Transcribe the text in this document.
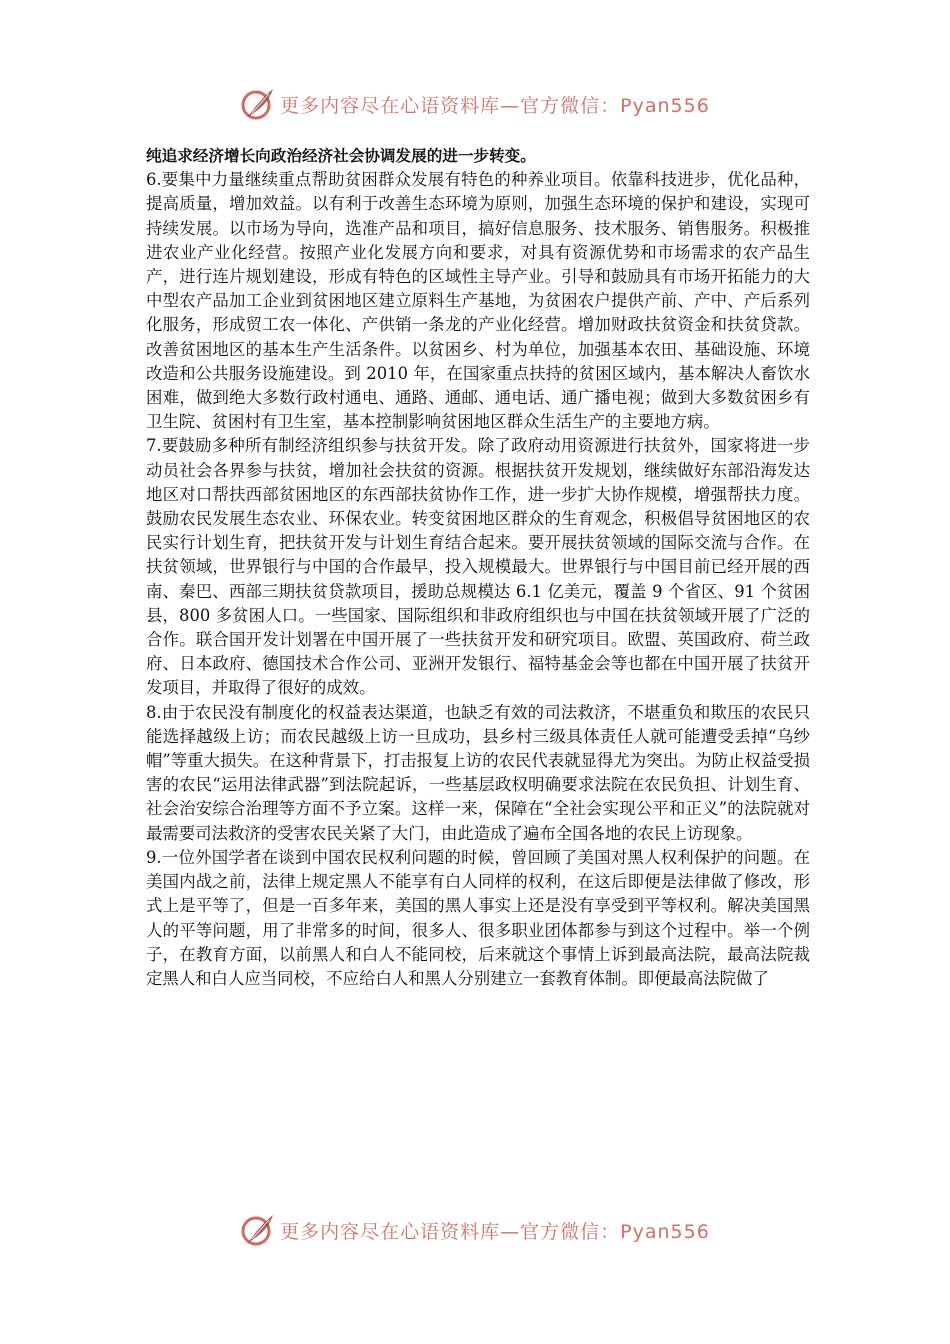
更多内容尽在心语资料库—官方微信：Pyan556

纯追求经济增长向政治经济社会协调发展的进一步转变。

6.要集中力量继续重点帮助贫困群众发展有特色的种养业项目。依靠科技进步，优化品种，提高质量，增加效益。以有利于改善生态环境为原则，加强生态环境的保护和建设，实现可持续发展。以市场为导向，选准产品和项目，搞好信息服务、技术服务、销售服务。积极推进农业产业化经营。按照产业化发展方向和要求，对具有资源优势和市场需求的农产品生产，进行连片规划建设，形成有特色的区域性主导产业。引导和鼓励具有市场开拓能力的大中型农产品加工企业到贫困地区建立原料生产基地，为贫困农户提供产前、产中、产后系列化服务，形成贸工农一体化、产供销一条龙的产业化经营。增加财政扶贫资金和扶贫贷款。改善贫困地区的基本生产生活条件。以贫困乡、村为单位，加强基本农田、基础设施、环境改造和公共服务设施建设。到 2010 年，在国家重点扶持的贫困区域内，基本解决人畜饮水困难，做到绝大多数行政村通电、通路、通邮、通电话、通广播电视；做到大多数贫困乡有卫生院、贫困村有卫生室，基本控制影响贫困地区群众生活生产的主要地方病。

7.要鼓励多种所有制经济组织参与扶贫开发。除了政府动用资源进行扶贫外，国家将进一步动员社会各界参与扶贫，增加社会扶贫的资源。根据扶贫开发规划，继续做好东部沿海发达地区对口帮扶西部贫困地区的东西部扶贫协作工作，进一步扩大协作规模，增强帮扶力度。鼓励农民发展生态农业、环保农业。转变贫困地区群众的生育观念，积极倡导贫困地区的农民实行计划生育，把扶贫开发与计划生育结合起来。要开展扶贫领域的国际交流与合作。在扶贫领域，世界银行与中国的合作最早，投入规模最大。世界银行与中国目前已经开展的西南、秦巴、西部三期扶贫贷款项目，援助总规模达 6.1 亿美元，覆盖 9 个省区、91 个贫困县，800 多贫困人口。一些国家、国际组织和非政府组织也与中国在扶贫领域开展了广泛的合作。联合国开发计划署在中国开展了一些扶贫开发和研究项目。欧盟、英国政府、荷兰政府、日本政府、德国技术合作公司、亚洲开发银行、福特基金会等也都在中国开展了扶贫开发项目，并取得了很好的成效。

8.由于农民没有制度化的权益表达渠道，也缺乏有效的司法救济，不堪重负和欺压的农民只能选择越级上访；而农民越级上访一旦成功，县乡村三级具体责任人就可能遭受丢掉“乌纱帽”等重大损失。在这种背景下，打击报复上访的农民代表就显得尤为突出。为防止权益受损害的农民“运用法律武器”到法院起诉，一些基层政权明确要求法院在农民负担、计划生育、社会治安综合治理等方面不予立案。这样一来，保障在“全社会实现公平和正义”的法院就对最需要司法救济的受害农民关紧了大门，由此造成了遍布全国各地的农民上访现象。

9.一位外国学者在谈到中国农民权利问题的时候，曾回顾了美国对黑人权利保护的问题。在美国内战之前，法律上规定黑人不能享有白人同样的权利，在这后即便是法律做了修改，形式上是平等了，但是一百多年来，美国的黑人事实上还是没有享受到平等权利。解决美国黑人的平等问题，用了非常多的时间，很多人、很多职业团体都参与到这个过程中。举一个例子，在教育方面，以前黑人和白人不能同校，后来就这个事情上诉到最高法院，最高法院裁定黑人和白人应当同校，不应给白人和黑人分别建立一套教育体制。即便最高法院做了

更多内容尽在心语资料库—官方微信：Pyan556
